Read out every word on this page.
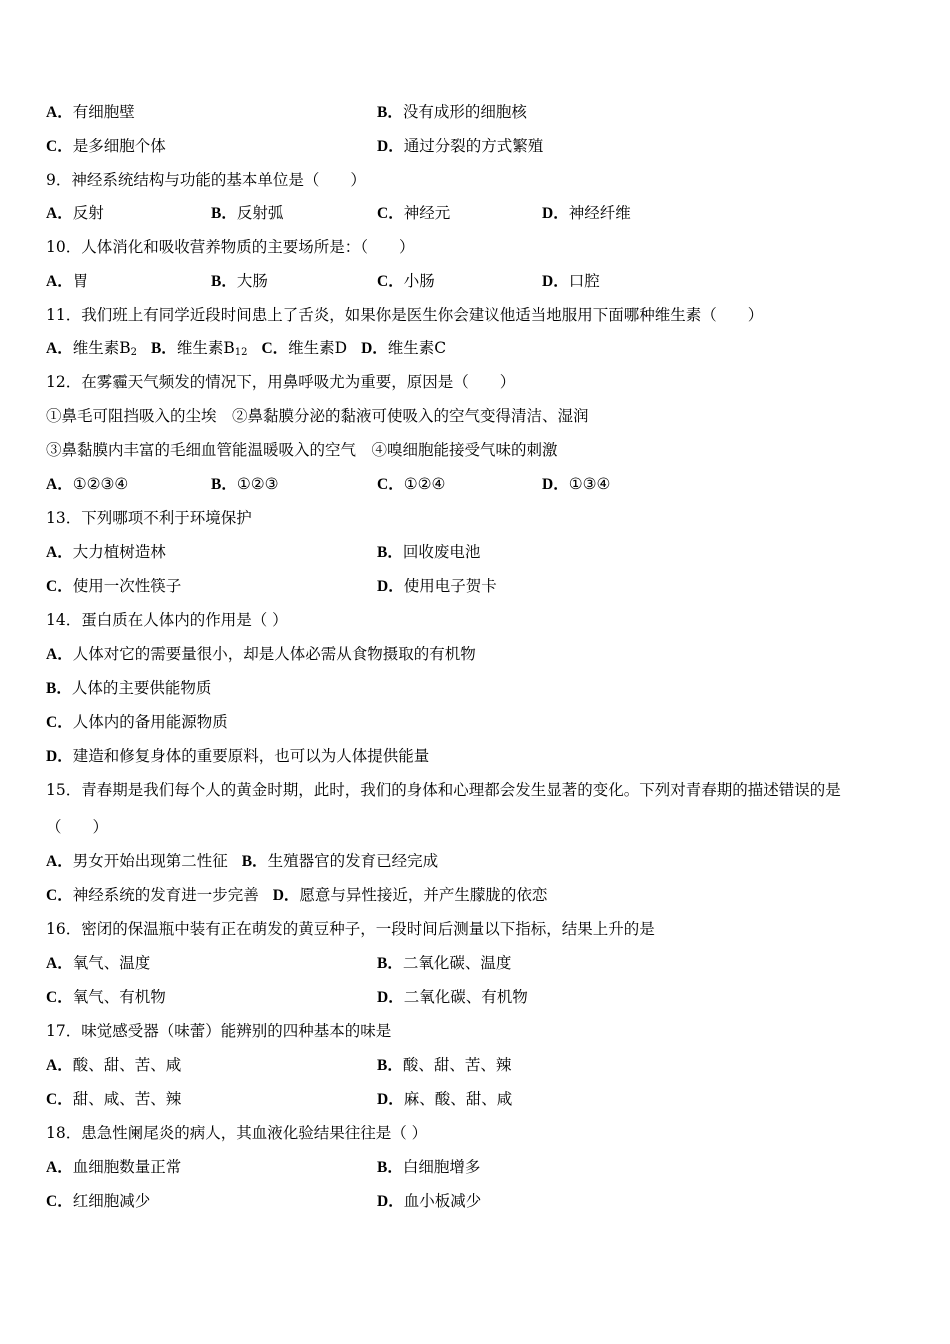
A．有细胞壁	B．没有成形的细胞核
C．是多细胞个体	D．通过分裂的方式繁殖
9．神经系统结构与功能的基本单位是（　　）
A．反射	B．反射弧	C．神经元	D．神经纤维
10．人体消化和吸收营养物质的主要场所是：（　　）
A．胃	B．大肠	C．小肠	D．口腔
11．我们班上有同学近段时间患上了舌炎，如果你是医生你会建议他适当地服用下面哪种维生素（　　）
A．维生素$B_2$ B．维生素$B_{12}$ C．维生素D D．维生素C
12．在雾霾天气频发的情况下，用鼻呼吸尤为重要，原因是（　　）
①鼻毛可阻挡吸入的尘埃　②鼻黏膜分泌的黏液可使吸入的空气变得清洁、湿润
③鼻黏膜内丰富的毛细血管能温暖吸入的空气　④嗅细胞能接受气味的刺激
A．①②③④	B．①②③	C．①②④	D．①③④
13．下列哪项不利于环境保护
A．大力植树造林	B．回收废电池
C．使用一次性筷子	D．使用电子贺卡
14．蛋白质在人体内的作用是（ ）
A．人体对它的需要量很小，却是人体必需从食物摄取的有机物
B．人体的主要供能物质
C．人体内的备用能源物质
D．建造和修复身体的重要原料，也可以为人体提供能量
15．青春期是我们每个人的黄金时期，此时，我们的身体和心理都会发生显著的变化。下列对青春期的描述错误的是
（　　）
A．男女开始出现第二性征 B．生殖器官的发育已经完成
C．神经系统的发育进一步完善 D．愿意与异性接近，并产生朦胧的依恋
16．密闭的保温瓶中装有正在萌发的黄豆种子，一段时间后测量以下指标，结果上升的是
A．氧气、温度	B．二氧化碳、温度
C．氧气、有机物	D．二氧化碳、有机物
17．味觉感受器（味蕾）能辨别的四种基本的味是
A．酸、甜、苦、咸	B．酸、甜、苦、辣
C．甜、咸、苦、辣	D．麻、酸、甜、咸
18．患急性阑尾炎的病人，其血液化验结果往往是（ ）
A．血细胞数量正常	B．白细胞增多
C．红细胞减少	D．血小板减少
